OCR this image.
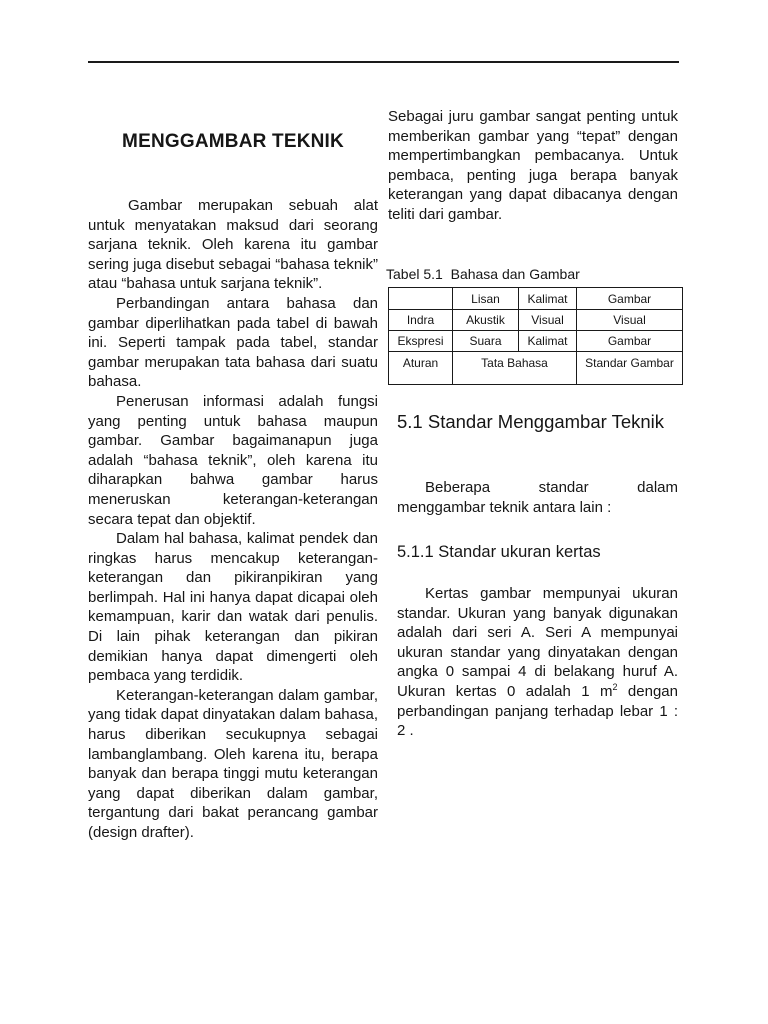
MENGGAMBAR TEKNIK

Gambar merupakan sebuah alat untuk menyatakan maksud dari seorang sarjana teknik. Oleh karena itu gambar sering juga disebut sebagai “bahasa teknik” atau “bahasa untuk sarjana teknik”.

Perbandingan antara bahasa dan gambar diperlihatkan pada tabel di bawah ini. Seperti tampak pada tabel, standar gambar merupakan tata bahasa dari suatu bahasa.

Penerusan informasi adalah fungsi yang penting untuk bahasa maupun gambar. Gambar bagaimanapun juga adalah “bahasa teknik”, oleh karena itu diharapkan bahwa gambar harus meneruskan keterangan-keterangan secara tepat dan objektif.

Dalam hal bahasa, kalimat pendek dan ringkas harus mencakup keterangan-keterangan dan pikiranpikiran yang berlimpah. Hal ini hanya dapat dicapai oleh kemampuan, karir dan watak dari penulis. Di lain pihak keterangan dan pikiran demikian hanya dapat dimengerti oleh pembaca yang terdidik.

Keterangan-keterangan dalam gambar, yang tidak dapat dinyatakan dalam bahasa, harus diberikan secukupnya sebagai lambanglambang. Oleh karena itu, berapa banyak dan berapa tinggi mutu keterangan yang dapat diberikan dalam gambar, tergantung dari bakat perancang gambar (design drafter).

Sebagai juru gambar sangat penting untuk memberikan gambar yang “tepat” dengan mempertimbangkan pembacanya. Untuk pembaca, penting juga berapa banyak keterangan yang dapat dibacanya dengan teliti dari gambar.

Tabel 5.1  Bahasa dan Gambar
	Lisan	Kalimat	Gambar
Indra	Akustik	Visual	Visual
Ekspresi	Suara	Kalimat	Gambar
Aturan	Tata Bahasa		Standar Gambar
5.1 Standar Menggambar Teknik

Beberapa standar dalam menggambar teknik antara lain :

5.1.1 Standar ukuran kertas

Kertas gambar mempunyai ukuran standar. Ukuran yang banyak digunakan adalah dari seri A. Seri A mempunyai ukuran standar yang dinyatakan dengan angka 0 sampai 4 di belakang huruf A. Ukuran kertas 0 adalah 1 $m^2$ dengan perbandingan panjang terhadap lebar 1 : 2 .
